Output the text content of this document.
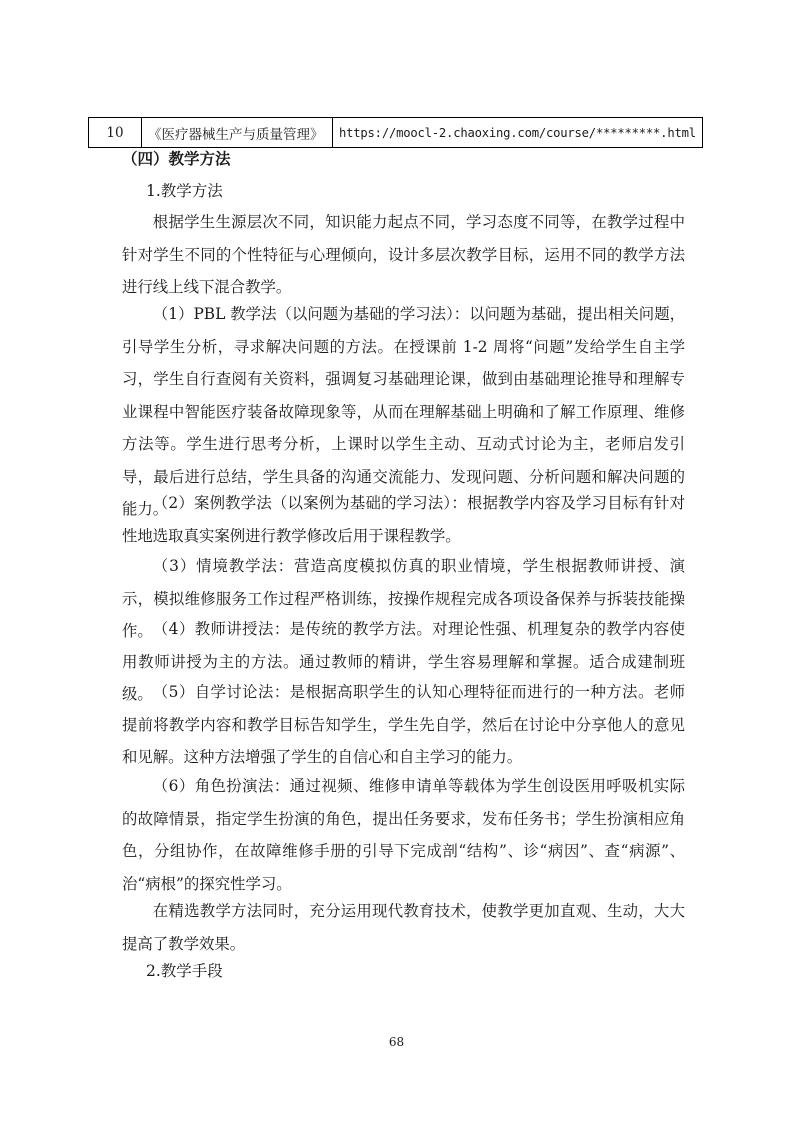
10	《医疗器械生产与质量管理》	https://moocl-2.chaoxing.com/course/*********.html
（四）教学方法
1.教学方法

根据学生生源层次不同，知识能力起点不同，学习态度不同等，在教学过程中针对学生不同的个性特征与心理倾向，设计多层次教学目标，运用不同的教学方法进行线上线下混合教学。

（1）PBL 教学法（以问题为基础的学习法）：以问题为基础，提出相关问题，引导学生分析，寻求解决问题的方法。在授课前 1-2 周将“问题”发给学生自主学习，学生自行查阅有关资料，强调复习基础理论课，做到由基础理论推导和理解专业课程中智能医疗装备故障现象等，从而在理解基础上明确和了解工作原理、维修方法等。学生进行思考分析，上课时以学生主动、互动式讨论为主，老师启发引导，最后进行总结，学生具备的沟通交流能力、发现问题、分析问题和解决问题的能力。

（2）案例教学法（以案例为基础的学习法）：根据教学内容及学习目标有针对性地选取真实案例进行教学修改后用于课程教学。

（3）情境教学法：营造高度模拟仿真的职业情境，学生根据教师讲授、演示，模拟维修服务工作过程严格训练，按操作规程完成各项设备保养与拆装技能操作。 （4）教师讲授法：是传统的教学方法。对理论性强、机理复杂的教学内容使用教师讲授为主的方法。通过教师的精讲，学生容易理解和掌握。适合成建制班级。 （5）自学讨论法：是根据高职学生的认知心理特征而进行的一种方法。老师提前将教学内容和教学目标告知学生，学生先自学，然后在讨论中分享他人的意见和见解。这种方法增强了学生的自信心和自主学习的能力。

（6）角色扮演法：通过视频、维修申请单等载体为学生创设医用呼吸机实际的故障情景，指定学生扮演的角色，提出任务要求，发布任务书；学生扮演相应角色，分组协作，在故障维修手册的引导下完成剖“结构”、诊“病因”、查“病源”、治“病根”的探究性学习。

在精选教学方法同时，充分运用现代教育技术，使教学更加直观、生动，大大提高了教学效果。

2.教学手段
68
